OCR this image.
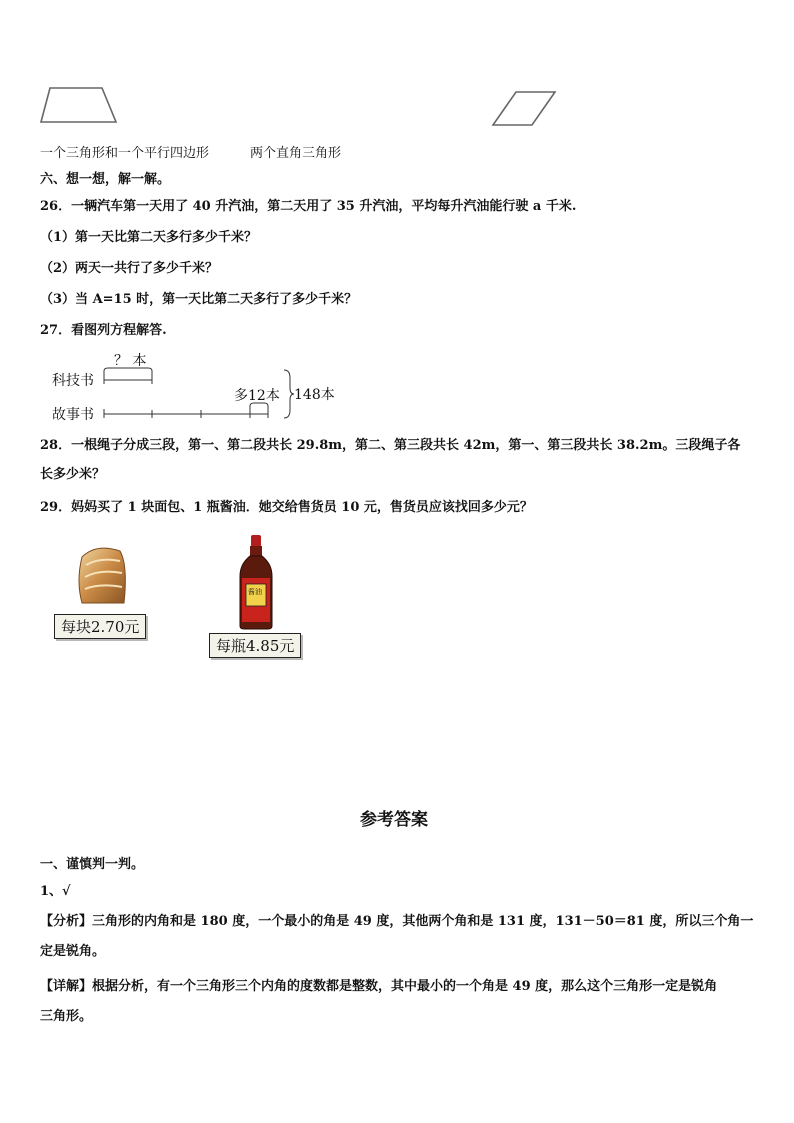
一个三角形和一个平行四边形	两个直角三角形
六、想一想，解一解。
26．一辆汽车第一天用了 40 升汽油，第二天用了 35 升汽油，平均每升汽油能行驶 a 千米.
（1）第一天比第二天多行多少千米？
（2）两天一共行了多少千米？
（3）当 A=15 时，第一天比第二天多行了多少千米？
27．看图列方程解答.
科技书
？ 本
故事书
多12本 148本
28．一根绳子分成三段，第一、第二段共长 29.8m，第二、第三段共长 42m，第一、第三段共长 38.2m。三段绳子各
长多少米？
29．妈妈买了 1 块面包、1 瓶酱油．她交给售货员 10 元，售货员应该找回多少元？
每块2.70元
酱油
每瓶4.85元
参考答案
一、谨慎判一判。
1、√
【分析】三角形的内角和是 180 度，一个最小的角是 49 度，其他两个角和是 131 度，131－50＝81 度，所以三个角一
定是锐角。
【详解】根据分析，有一个三角形三个内角的度数都是整数，其中最小的一个角是 49 度，那么这个三角形一定是锐角
三角形。
